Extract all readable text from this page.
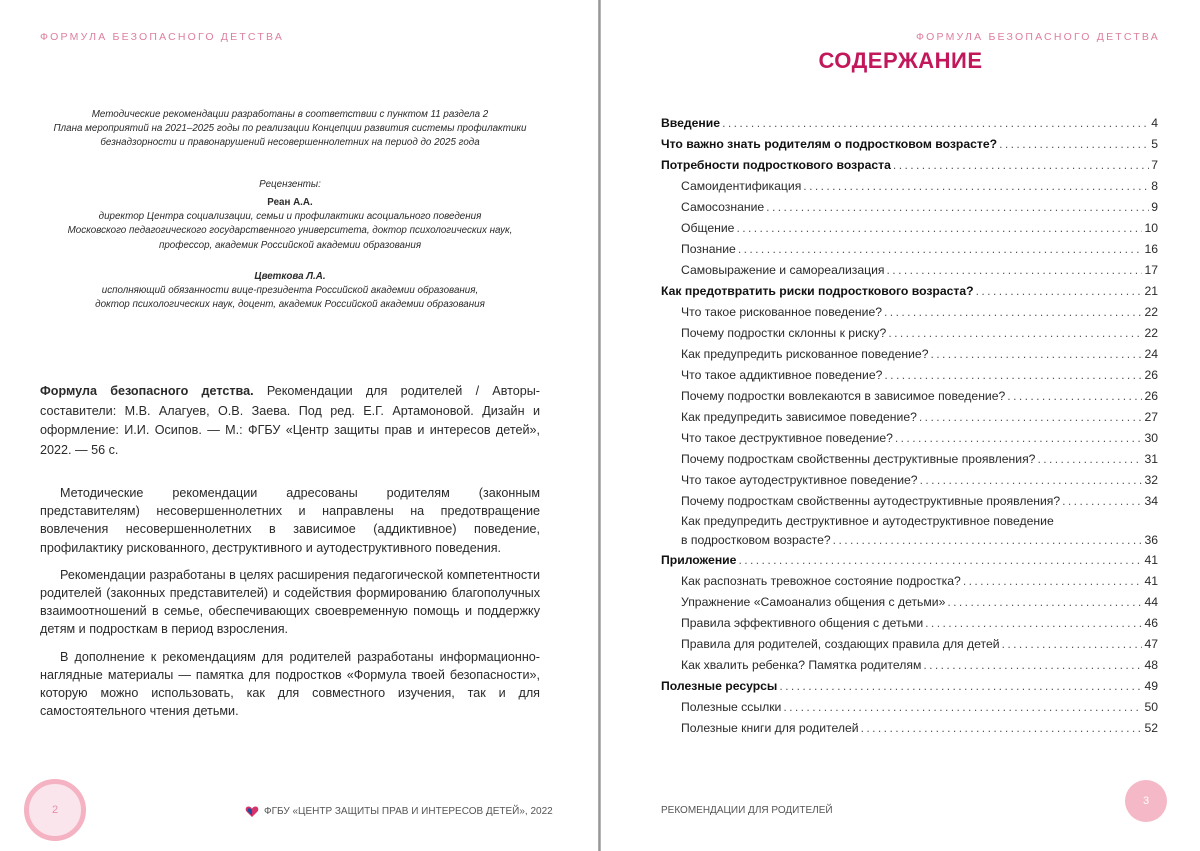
ФОРМУЛА БЕЗОПАСНОГО ДЕТСТВА

Методические рекомендации разработаны в соответствии с пунктом 11 раздела 2

Плана мероприятий на 2021–2025 годы по реализации Концепции развития системы профилактики

безнадзорности и правонарушений несовершеннолетних на период до 2025 года

Рецензенты:
Реан А.А.
директор Центра социализации, семьи и профилактики асоциального поведения
Московского педагогического государственного университета, доктор психологических наук,
профессор, академик Российской академии образования
Цветкова Л.А.
исполняющий обязанности вице-президента Российской академии образования,
доктор психологических наук, доцент, академик Российской академии образования
Формула безопасного детства. Рекомендации для родителей / Авторы-составители: М.В. Алагуев, О.В. Заева. Под ред. Е.Г. Артамоновой. Дизайн и оформление: И.И. Осипов. — М.: ФГБУ «Центр защиты прав и интересов детей», 2022. — 56 с.

Методические рекомендации адресованы родителям (законным представителям) несовершеннолетних и направлены на предотвращение вовлечения несовершеннолетних в зависимое (аддиктивное) поведение, профилактику рискованного, деструктивного и аутодеструктивного поведения.

Рекомендации разработаны в целях расширения педагогической компетентности родителей (законных представителей) и содействия формированию благополучных взаимоотношений в семье, обеспечивающих своевременную помощь и поддержку детям и подросткам в период взросления.

В дополнение к рекомендациям для родителей разработаны информационно-наглядные материалы — памятка для подростков «Формула твоей безопасности», которую можно использовать, как для совместного изучения, так и для самостоятельного чтения детьми.

2	ФГБУ «ЦЕНТР ЗАЩИТЫ ПРАВ И ИНТЕРЕСОВ ДЕТЕЙ», 2022
ФОРМУЛА БЕЗОПАСНОГО ДЕТСТВА
СОДЕРЖАНИЕ
Введение . . .	4
Что важно знать родителям о подростковом возрасте? . . .	5
Потребности подросткового возраста . . .	7
Самоидентификация . . .	8
Самосознание . . .	9
Общение . . .	10
Познание . . .	16
Самовыражение и самореализация . . .	17
Как предотвратить риски подросткового возраста? . . .	21
Что такое рискованное поведение? . . .	22
Почему подростки склонны к риску? . . .	22
Как предупредить рискованное поведение? . . .	24
Что такое аддиктивное поведение? . . .	26
Почему подростки вовлекаются в зависимое поведение? . . .	26
Как предупредить зависимое поведение? . . .	27
Что такое деструктивное поведение? . . .	30
Почему подросткам свойственны деструктивные проявления? . . .	31
Что такое аутодеструктивное поведение? . . .	32
Почему подросткам свойственны аутодеструктивные проявления? . . .	34
Как предупредить деструктивное и аутодеструктивное поведение
в подростковом возрасте? . . .	36
Приложение . . .	41
Как распознать тревожное состояние подростка? . . .	41
Упражнение «Самоанализ общения с детьми» . . .	44
Правила эффективного общения с детьми . . .	46
Правила для родителей, создающих правила для детей . . .	47
Как хвалить ребенка? Памятка родителям . . .	48
Полезные ресурсы . . .	49
Полезные ссылки . . .	50
Полезные книги для родителей . . .	52
РЕКОМЕНДАЦИИ ДЛЯ РОДИТЕЛЕЙ
3
